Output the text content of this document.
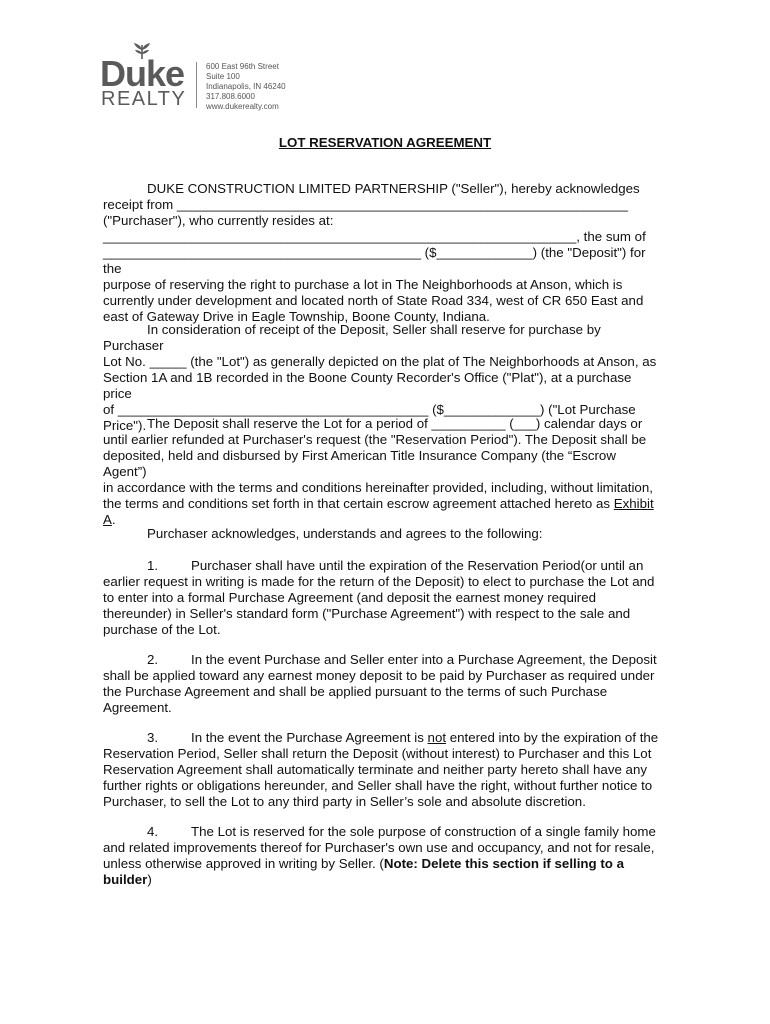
Duke
REALTY
600 East 96th Street
Suite 100
Indianapolis, IN 46240
317.808.6000
www.dukerealty.com
LOT RESERVATION AGREEMENT

DUKE CONSTRUCTION LIMITED PARTNERSHIP ("Seller"), hereby acknowledges

receipt from _____________________________________________________________

("Purchaser"), who currently resides at:

________________________________________________________________, the sum of

___________________________________________ ($_____________) (the "Deposit") for the

purpose of reserving the right to purchase a lot in The Neighborhoods at Anson, which is

currently under development and located north of State Road 334, west of CR 650 East and

east of Gateway Drive in Eagle Township, Boone County, Indiana.

In consideration of receipt of the Deposit, Seller shall reserve for purchase by Purchaser

Lot No. _____ (the "Lot") as generally depicted on the plat of The Neighborhoods at Anson, as

Section 1A and 1B recorded in the Boone County Recorder's Office ("Plat"), at a purchase price

of __________________________________________ ($_____________) ("Lot Purchase

Price"). The Deposit shall reserve the Lot for a period of __________ (___) calendar days or

until earlier refunded at Purchaser's request (the "Reservation Period"). The Deposit shall be

deposited, held and disbursed by First American Title Insurance Company (the “Escrow Agent”)

in accordance with the terms and conditions hereinafter provided, including, without limitation,

the terms and conditions set forth in that certain escrow agreement attached hereto as Exhibit

A.

Purchaser acknowledges, understands and agrees to the following:

1. Purchaser shall have until the expiration of the Reservation Period(or until an

earlier request in writing is made for the return of the Deposit) to elect to purchase the Lot and

to enter into a formal Purchase Agreement (and deposit the earnest money required

thereunder) in Seller's standard form ("Purchase Agreement") with respect to the sale and

purchase of the Lot.

2. In the event Purchase and Seller enter into a Purchase Agreement, the Deposit

shall be applied toward any earnest money deposit to be paid by Purchaser as required under

the Purchase Agreement and shall be applied pursuant to the terms of such Purchase

Agreement.

3. In the event the Purchase Agreement is not entered into by the expiration of the

Reservation Period, Seller shall return the Deposit (without interest) to Purchaser and this Lot

Reservation Agreement shall automatically terminate and neither party hereto shall have any

further rights or obligations hereunder, and Seller shall have the right, without further notice to

Purchaser, to sell the Lot to any third party in Seller’s sole and absolute discretion.

4. The Lot is reserved for the sole purpose of construction of a single family home

and related improvements thereof for Purchaser's own use and occupancy, and not for resale,

unless otherwise approved in writing by Seller. (Note: Delete this section if selling to a

builder)
